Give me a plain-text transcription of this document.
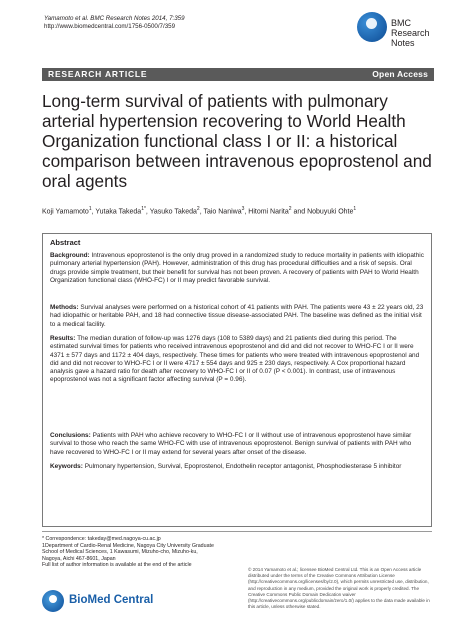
Yamamoto et al. BMC Research Notes 2014, 7:359
http://www.biomedcentral.com/1756-0500/7/359	BMC
Research Notes
RESEARCH ARTICLE	Open Access
Long-term survival of patients with pulmonary arterial hypertension recovering to World Health Organization functional class I or II: a historical comparison between intravenous epoprostenol and oral agents
Koji Yamamoto$^1$, Yutaka Takeda$^{1*}$, Yasuko Takeda$^2$, Taio Naniwa$^3$, Hitomi Narita$^2$ and Nobuyuki Ohte$^1$
Abstract
Background: Intravenous epoprostenol is the only drug proved in a randomized study to reduce mortality in patients with idiopathic pulmonary arterial hypertension (PAH). However, administration of this drug has procedural difficulties and a risk of sepsis. Oral drugs provide simple treatment, but their benefit for survival has not been proven. A recovery of patients with PAH to World Health Organization functional class (WHO-FC) I or II may predict favorable survival.
Methods: Survival analyses were performed on a historical cohort of 41 patients with PAH. The patients were 43 ± 22 years old, 23 had idiopathic or heritable PAH, and 18 had connective tissue disease-associated PAH. The baseline was defined as the initial visit to a medical facility.
Results: The median duration of follow-up was 1276 days (108 to 5389 days) and 21 patients died during this period. The estimated survival times for patients who received intravenous epoprostenol and did and did not recover to WHO-FC I or II were 4371 ± 577 days and 1172 ± 404 days, respectively. These times for patients who were treated with intravenous epoprostenol and did and did not recover to WHO-FC I or II were 4717 ± 554 days and 925 ± 230 days, respectively. A Cox proportional hazard analysis gave a hazard ratio for death after recovery to WHO-FC I or II of 0.07 (P < 0.001). In contrast, use of intravenous epoprostenol was not a significant factor affecting survival (P = 0.96).
Conclusions: Patients with PAH who achieve recovery to WHO-FC I or II without use of intravenous epoprostenol have similar survival to those who reach the same WHO-FC with use of intravenous epoprostenol. Benign survival of patients with PAH who have recovered to WHO-FC I or II may extend for several years after onset of the disease.
Keywords: Pulmonary hypertension, Survival, Epoprostenol, Endothelin receptor antagonist, Phosphodiesterase 5 inhibitor
* Correspondence: takeday@med.nagoya-cu.ac.jp
1Department of Cardio-Renal Medicine, Nagoya City University Graduate School of Medical Sciences, 1 Kawasumi, Mizuho-cho, Mizuho-ku, Nagoya, Aichi 467-8601, Japan
Full list of author information is available at the end of the article
© 2014 Yamamoto et al.; licensee BioMed Central Ltd. This is an Open Access article distributed under the terms of the Creative Commons Attribution License (http://creativecommons.org/licenses/by/2.0), which permits unrestricted use, distribution, and reproduction in any medium, provided the original work is properly credited. The Creative Commons Public Domain Dedication waiver (http://creativecommons.org/publicdomain/zero/1.0/) applies to the data made available in this article, unless otherwise stated.
BioMed Central
